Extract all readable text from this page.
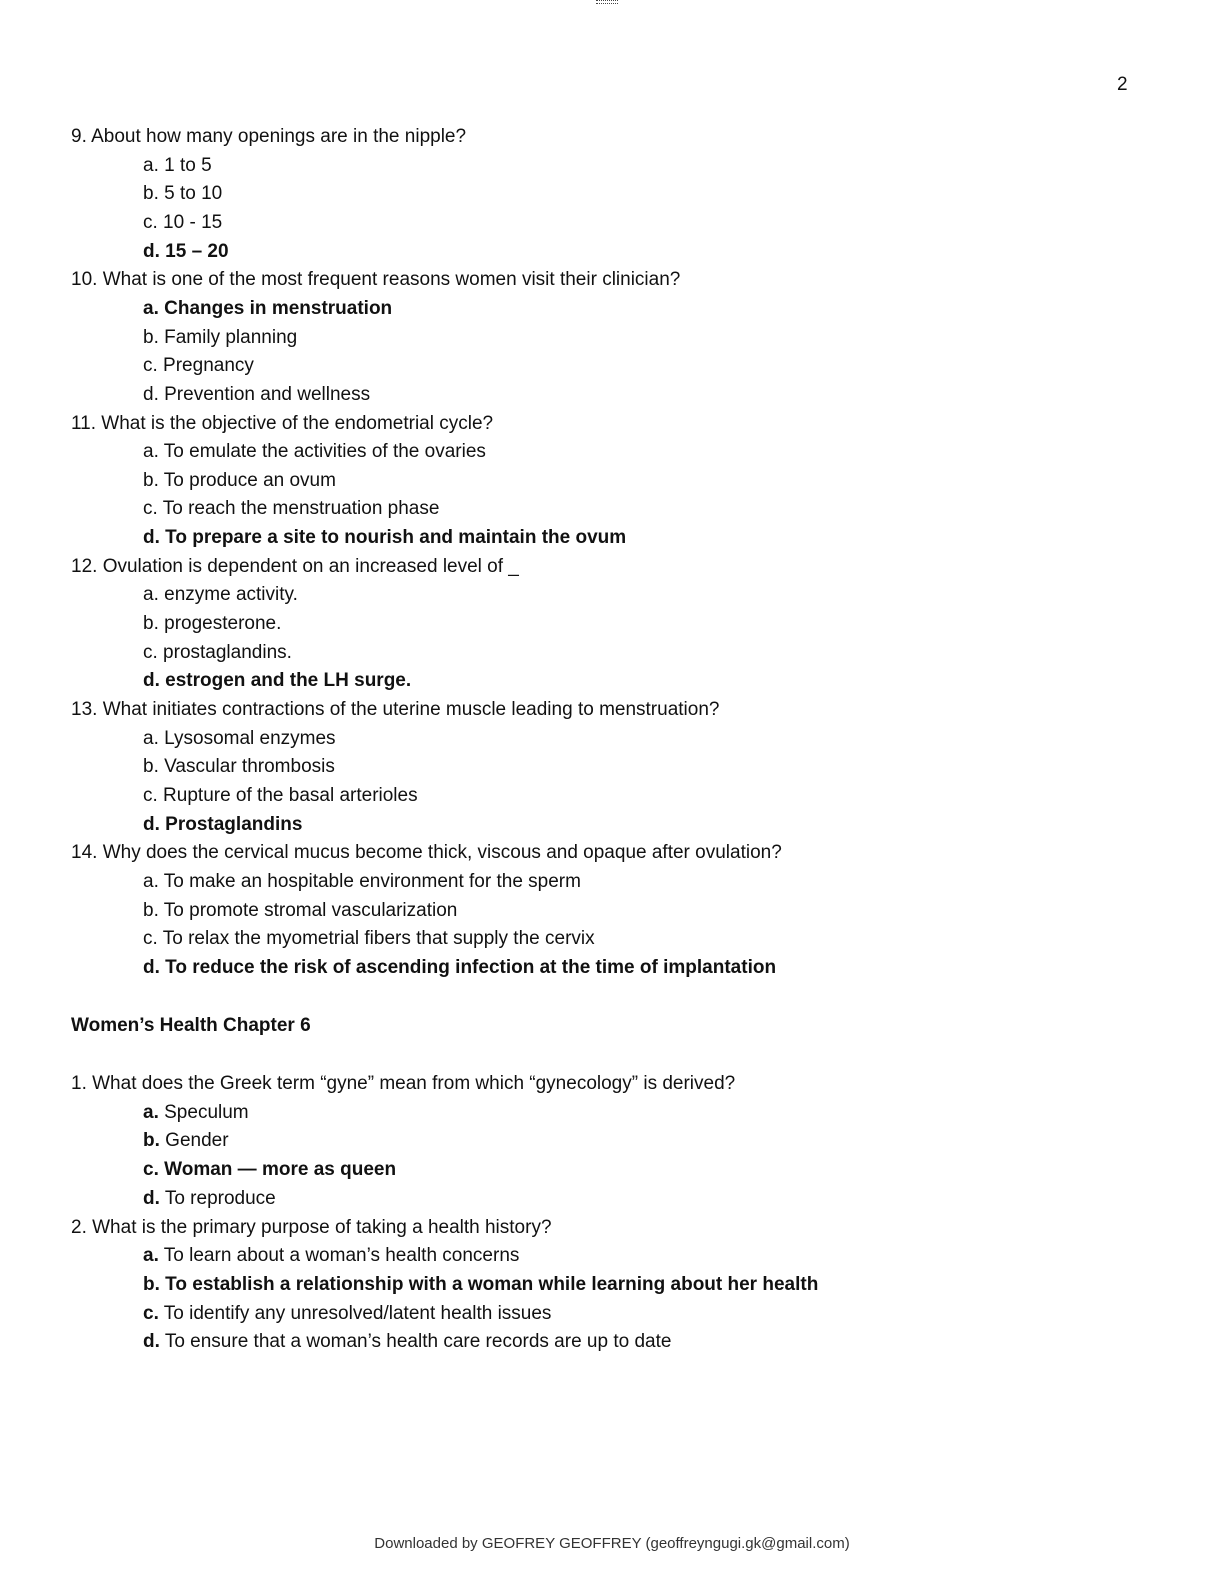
2
Women’s Health Chapter 6
9. About how many openings are in the nipple?
a. 1 to 5
b. 5 to 10
c. 10 - 15
d. 15 – 20
10. What is one of the most frequent reasons women visit their clinician?
a. Changes in menstruation
b. Family planning
c. Pregnancy
d. Prevention and wellness
11. What is the objective of the endometrial cycle?
a. To emulate the activities of the ovaries
b. To produce an ovum
c. To reach the menstruation phase
d. To prepare a site to nourish and maintain the ovum
12. Ovulation is dependent on an increased level of _
a. enzyme activity.
b. progesterone.
c. prostaglandins.
d. estrogen and the LH surge.
13. What initiates contractions of the uterine muscle leading to menstruation?
a. Lysosomal enzymes
b. Vascular thrombosis
c. Rupture of the basal arterioles
d. Prostaglandins
14. Why does the cervical mucus become thick, viscous and opaque after ovulation?
a. To make an hospitable environment for the sperm
b. To promote stromal vascularization
c. To relax the myometrial fibers that supply the cervix
d. To reduce the risk of ascending infection at the time of implantation
1. What does the Greek term “gyne” mean from which “gynecology” is derived?
a. Speculum
b. Gender
c. Woman — more as queen
d. To reproduce
2. What is the primary purpose of taking a health history?
a. To learn about a woman’s health concerns
b. To establish a relationship with a woman while learning about her health
c. To identify any unresolved/latent health issues
d. To ensure that a woman’s health care records are up to date
Downloaded by GEOFREY GEOFFREY (geoffreyngugi.gk@gmail.com)
